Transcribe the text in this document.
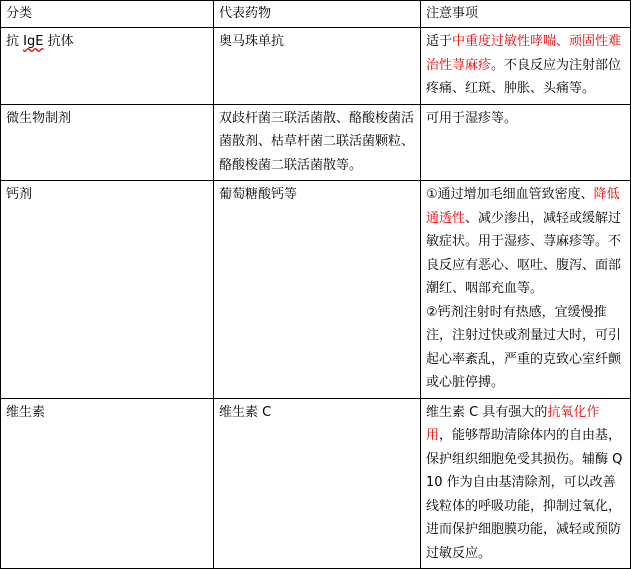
分类	代表药物	注意事项
抗 IgE 抗体	奥马珠单抗	适于中重度过敏性哮喘、顽固性难治性荨麻疹。不良反应为注射部位疼痛、红斑、肿胀、头痛等。
微生物制剂	双歧杆菌三联活菌散、酪酸梭菌活菌散剂、枯草杆菌二联活菌颗粒、酪酸梭菌二联活菌散等。	可用于湿疹等。
钙剂	葡萄糖酸钙等	①通过增加毛细血管致密度、降低通透性、减少渗出，减轻或缓解过敏症状。用于湿疹、荨麻疹等。不良反应有恶心、呕吐、腹泻、面部潮红、咽部充血等。
②钙剂注射时有热感，宜缓慢推注，注射过快或剂量过大时，可引起心率紊乱，严重的克致心室纤颤或心脏停搏。
维生素	维生素 C	维生素 C 具有强大的抗氧化作用，能够帮助清除体内的自由基，保护组织细胞免受其损伤。辅酶 Q10 作为自由基清除剂，可以改善线粒体的呼吸功能，抑制过氧化，进而保护细胞膜功能，减轻或预防过敏反应。
